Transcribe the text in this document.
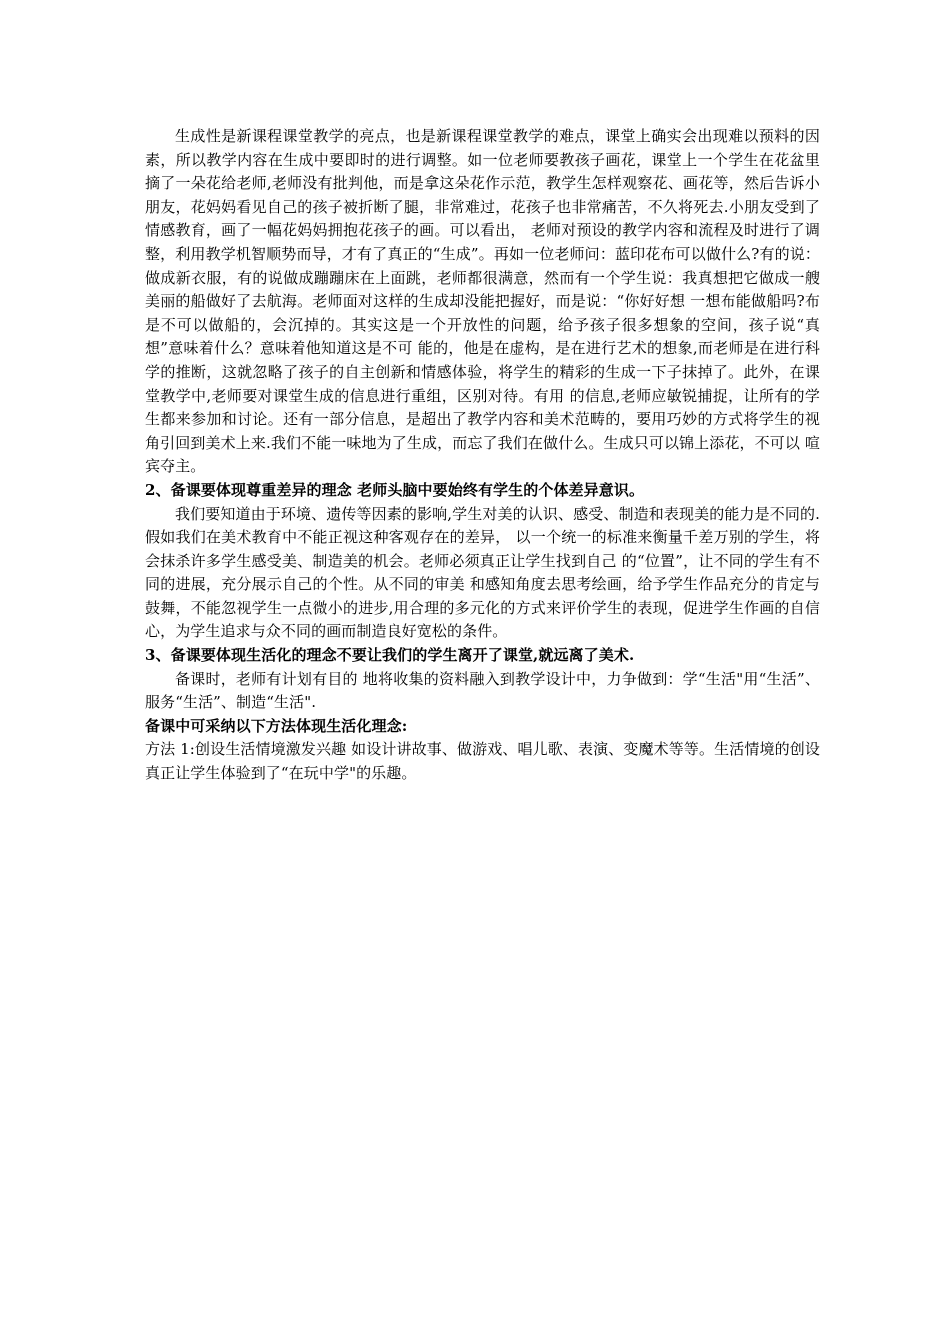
生成性是新课程课堂教学的亮点，也是新课程课堂教学的难点，课堂上确实会出现难以预料的因素，所以教学内容在生成中要即时的进行调整。如一位老师要教孩子画花，课堂上一个学生在花盆里摘了一朵花给老师,老师没有批判他，而是拿这朵花作示范，教学生怎样观察花、画花等，然后告诉小朋友，花妈妈看见自己的孩子被折断了腿，非常难过，花孩子也非常痛苦，不久将死去.小朋友受到了情感教育，画了一幅花妈妈拥抱花孩子的画。可以看出， 老师对预设的教学内容和流程及时进行了调整，利用教学机智顺势而导，才有了真正的“生成”。再如一位老师问：蓝印花布可以做什么?有的说：做成新衣服，有的说做成蹦蹦床在上面跳，老师都很满意，然而有一个学生说：我真想把它做成一艘美丽的船做好了去航海。老师面对这样的生成却没能把握好，而是说：“你好好想 一想布能做船吗?布是不可以做船的，会沉掉的。其实这是一个开放性的问题，给予孩子很多想象的空间，孩子说“真想”意味着什么？意味着他知道这是不可 能的，他是在虚构，是在进行艺术的想象,而老师是在进行科学的推断，这就忽略了孩子的自主创新和情感体验，将学生的精彩的生成一下子抹掉了。此外，在课堂教学中,老师要对课堂生成的信息进行重组，区别对待。有用 的信息,老师应敏锐捕捉，让所有的学生都来参加和讨论。还有一部分信息，是超出了教学内容和美术范畴的，要用巧妙的方式将学生的视角引回到美术上来.我们不能一味地为了生成，而忘了我们在做什么。生成只可以锦上添花，不可以 喧宾夺主。

2、备课要体现尊重差异的理念 老师头脑中要始终有学生的个体差异意识。

我们要知道由于环境、遗传等因素的影响,学生对美的认识、感受、制造和表现美的能力是不同的.假如我们在美术教育中不能正视这种客观存在的差异， 以一个统一的标准来衡量千差万别的学生，将会抹杀许多学生感受美、制造美的机会。老师必须真正让学生找到自己 的“位置”，让不同的学生有不同的进展，充分展示自己的个性。从不同的审美 和感知角度去思考绘画，给予学生作品充分的肯定与鼓舞，不能忽视学生一点微小的进步,用合理的多元化的方式来评价学生的表现，促进学生作画的自信心，为学生追求与众不同的画而制造良好宽松的条件。

3、备课要体现生活化的理念不要让我们的学生离开了课堂,就远离了美术.

备课时，老师有计划有目的 地将收集的资料融入到教学设计中，力争做到：学“生活"用“生活”、服务“生活”、制造“生活".

备课中可采纳以下方法体现生活化理念:

方法 1:创设生活情境激发兴趣 如设计讲故事、做游戏、唱儿歌、表演、变魔术等等。生活情境的创设真正让学生体验到了“在玩中学"的乐趣。
